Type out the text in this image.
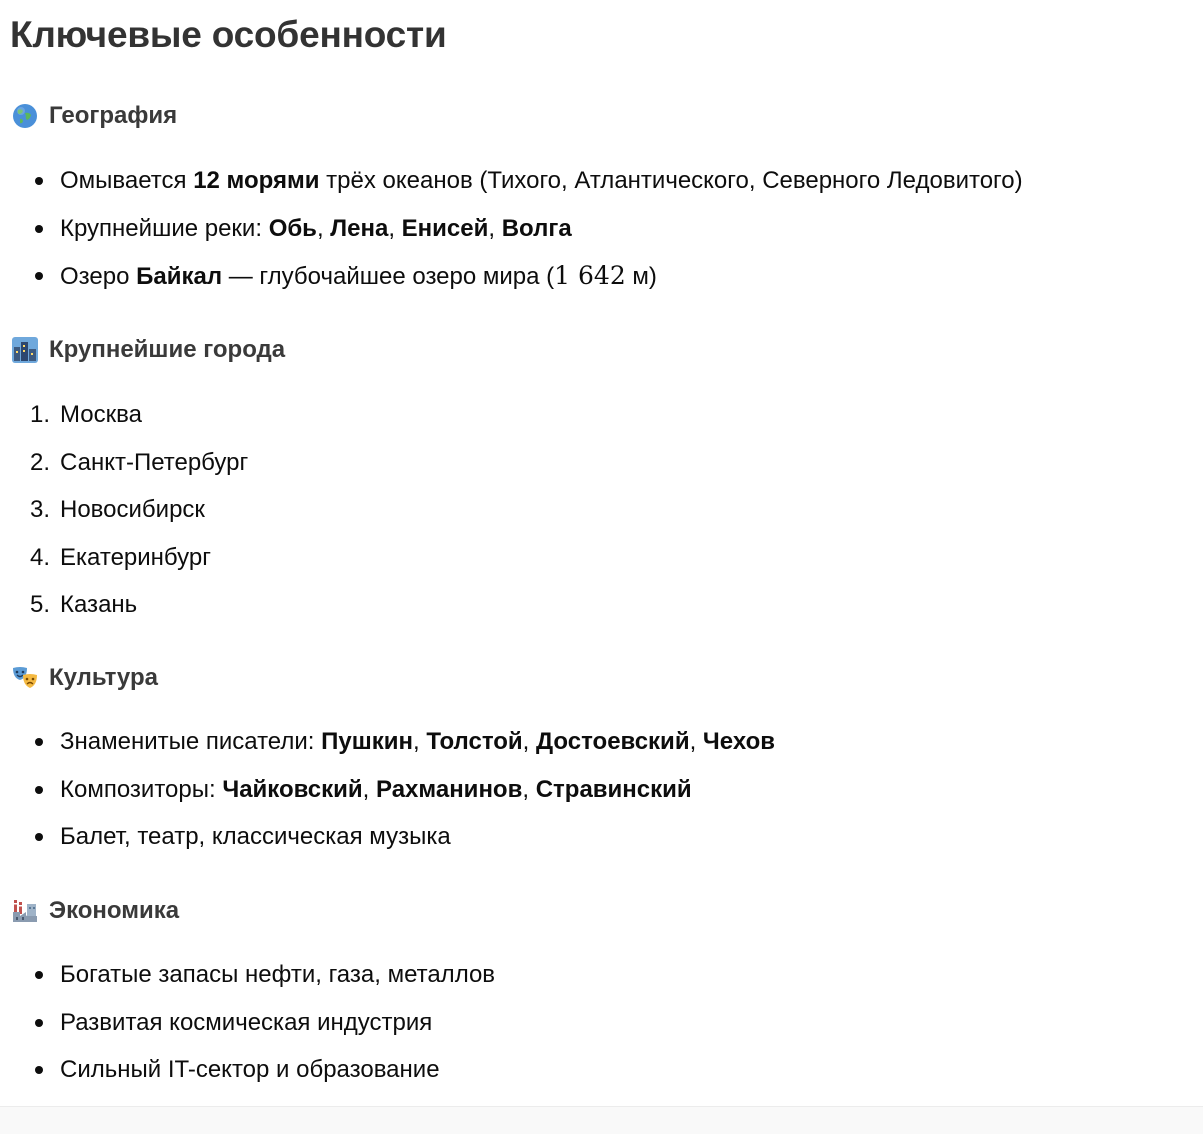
Ключевые особенности
География
Омывается 12 морями трёх океанов (Тихого, Атлантического, Северного Ледовитого)
Крупнейшие реки: Обь, Лена, Енисей, Волга
Озеро Байкал — глубочайшее озеро мира (1 642 м)
Крупнейшие города
1. Москва
2. Санкт-Петербург
3. Новосибирск
4. Екатеринбург
5. Казань
Культура
Знаменитые писатели: Пушкин, Толстой, Достоевский, Чехов
Композиторы: Чайковский, Рахманинов, Стравинский
Балет, театр, классическая музыка
Экономика
Богатые запасы нефти, газа, металлов
Развитая космическая индустрия
Сильный IT-сектор и образование
